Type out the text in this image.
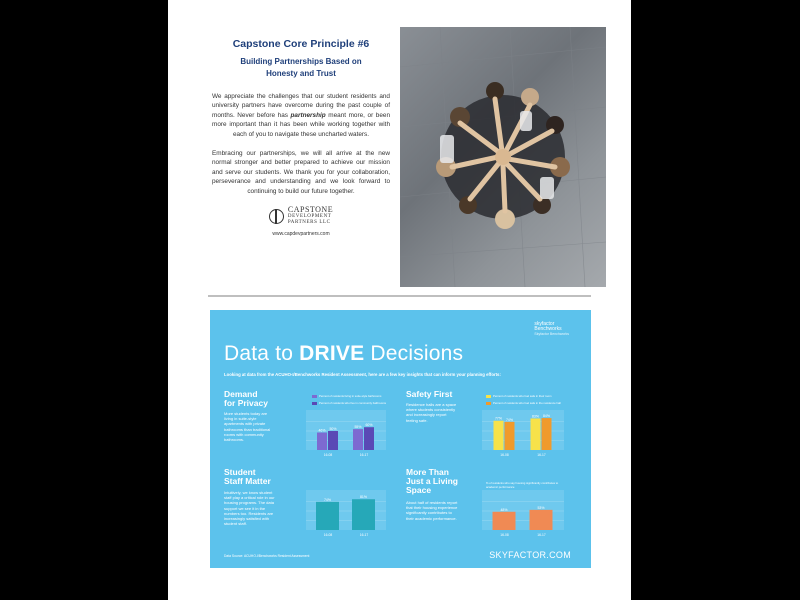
Capstone Core Principle #6
Building Partnerships Based on
Honesty and Trust

We appreciate the challenges that our student residents and university partners have overcome during the past couple of months. Never before has partnership meant more, or been more important than it has been while working together with each of you to navigate these uncharted waters.

Embracing our partnerships, we will all arrive at the new normal stronger and better prepared to achieve our mission and serve our students. We thank you for your collaboration, perseverance and understanding and we look forward to continuing to build our future together.

CAPSTONE
DEVELOPMENT
PARTNERS LLC
www.capdevpartners.com
skyfactor
Benchworks
Skyfactor Benchworks
Data to DRIVE Decisions
Looking at data from the ACUHO-I/Benchworks Resident Assessment, here are a few key insights that can inform your planning efforts:
Demand
for Privacy
More students today are living in suite-style apartments with private bathrooms than traditional rooms with community bathrooms.
Percent of residents living in suite-style bathrooms
Percent of residents who live in community bathrooms
46% 50%
16-08
55% 60%
16-17
Safety First
Residence halls are a space where students consistently and increasingly report feeling safe.
Percent of residents who feel safe in their room
Percent of residents who feel safe in the residence hall
77% 74%
16-08
83% 84%
16-17
Student
Staff Matter
Intuitively, we know student staff play a critical role in our housing programs. The data support we see it in the numbers too. Residents are increasingly satisfied with student staff.
74%
16-08
81%
16-17
More Than
Just a Living
Space
About half of residents report that their housing experience significantly contributes to their academic performance.
% of residents who say housing significantly contributes to academic performance
48%
16-08
53%
16-17
Data Source: ACUHO-I/Benchworks Resident Assessment	SKYFACTOR.COM
